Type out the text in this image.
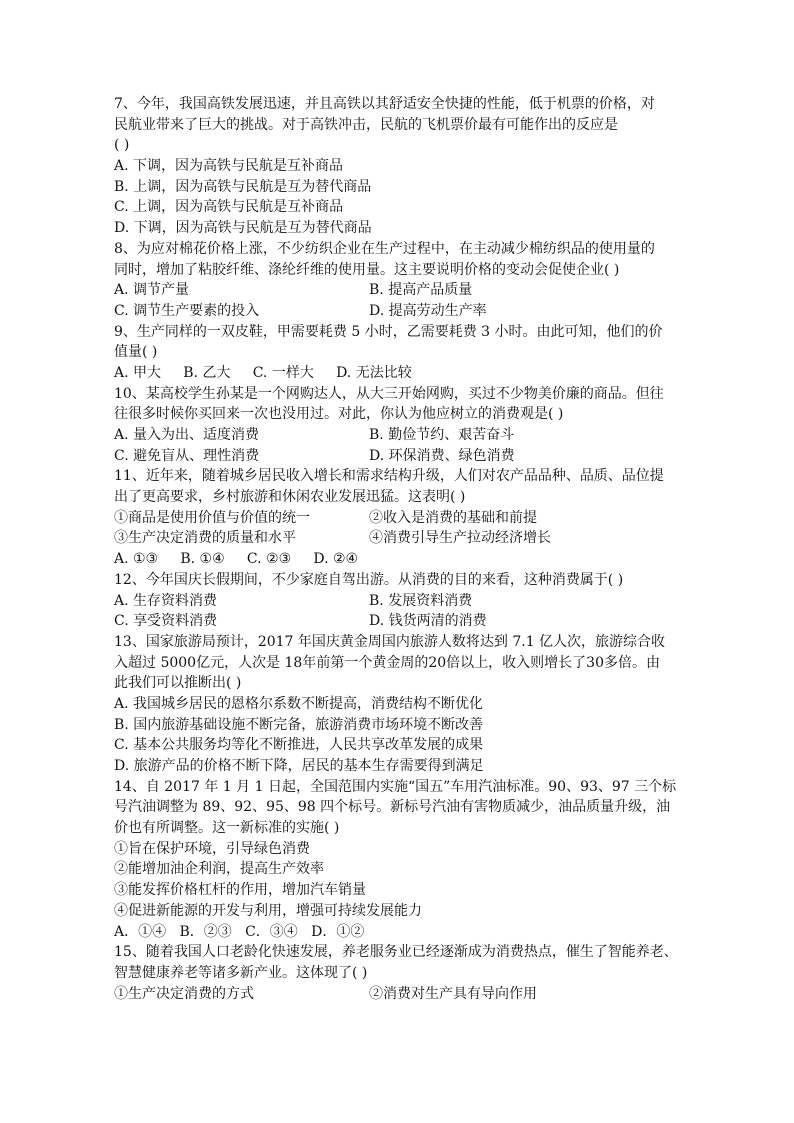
7、今年，我国高铁发展迅速，并且高铁以其舒适安全快捷的性能，低于机票的价格，对
民航业带来了巨大的挑战。对于高铁冲击，民航的飞机票价最有可能作出的反应是
( )
A. 下调，因为高铁与民航是互补商品
B. 上调，因为高铁与民航是互为替代商品
C. 上调，因为高铁与民航是互补商品
D. 下调，因为高铁与民航是互为替代商品
8、为应对棉花价格上涨，不少纺织企业在生产过程中，在主动减少棉纺织品的使用量的
同时，增加了粘胶纤维、涤纶纤维的使用量。这主要说明价格的变动会促使企业( )
A. 调节产量	B. 提高产品质量
C. 调节生产要素的投入	D. 提高劳动生产率
9、生产同样的一双皮鞋，甲需要耗费 5 小时，乙需要耗费 3 小时。由此可知，他们的价
值量( )
A. 甲大     B. 乙大     C. 一样大     D. 无法比较
10、某高校学生孙某是一个网购达人，从大三开始网购，买过不少物美价廉的商品。但往
往很多时候你买回来一次也没用过。对此，你认为他应树立的消费观是( )
A. 量入为出、适度消费	B. 勤俭节约、艰苦奋斗
C. 避免盲从、理性消费	D. 环保消费、绿色消费
11、近年来，随着城乡居民收入增长和需求结构升级，人们对农产品品种、品质、品位提
出了更高要求，乡村旅游和休闲农业发展迅猛。这表明( )
①商品是使用价值与价值的统一	②收入是消费的基础和前提
③生产决定消费的质量和水平	④消费引导生产拉动经济增长
A. ①③     B. ①④     C. ②③     D. ②④
12、今年国庆长假期间，不少家庭自驾出游。从消费的目的来看，这种消费属于( )
A. 生存资料消费	B. 发展资料消费
C. 享受资料消费	D. 钱货两清的消费
13、国家旅游局预计，2017 年国庆黄金周国内旅游人数将达到 7.1 亿人次，旅游综合收
入超过 5000亿元，人次是 18年前第一个黄金周的20倍以上，收入则增长了30多倍。由
此我们可以推断出( )
A. 我国城乡居民的恩格尔系数不断提高，消费结构不断优化
B. 国内旅游基础设施不断完备，旅游消费市场环境不断改善
C. 基本公共服务均等化不断推进，人民共享改革发展的成果
D. 旅游产品的价格不断下降，居民的基本生存需要得到满足
14、自 2017 年 1 月 1 日起，全国范围内实施“国五”车用汽油标准。90、93、97 三个标
号汽油调整为 89、92、95、98 四个标号。新标号汽油有害物质减少，油品质量升级，油
价也有所调整。这一新标准的实施( )
①旨在保护环境，引导绿色消费
②能增加油企利润，提高生产效率
③能发挥价格杠杆的作用，增加汽车销量
④促进新能源的开发与利用，增强可持续发展能力
A．①④   B．②③   C．③④   D．①②
15、随着我国人口老龄化快速发展，养老服务业已经逐渐成为消费热点，催生了智能养老、
智慧健康养老等诸多新产业。这体现了( )
①生产决定消费的方式	②消费对生产具有导向作用
